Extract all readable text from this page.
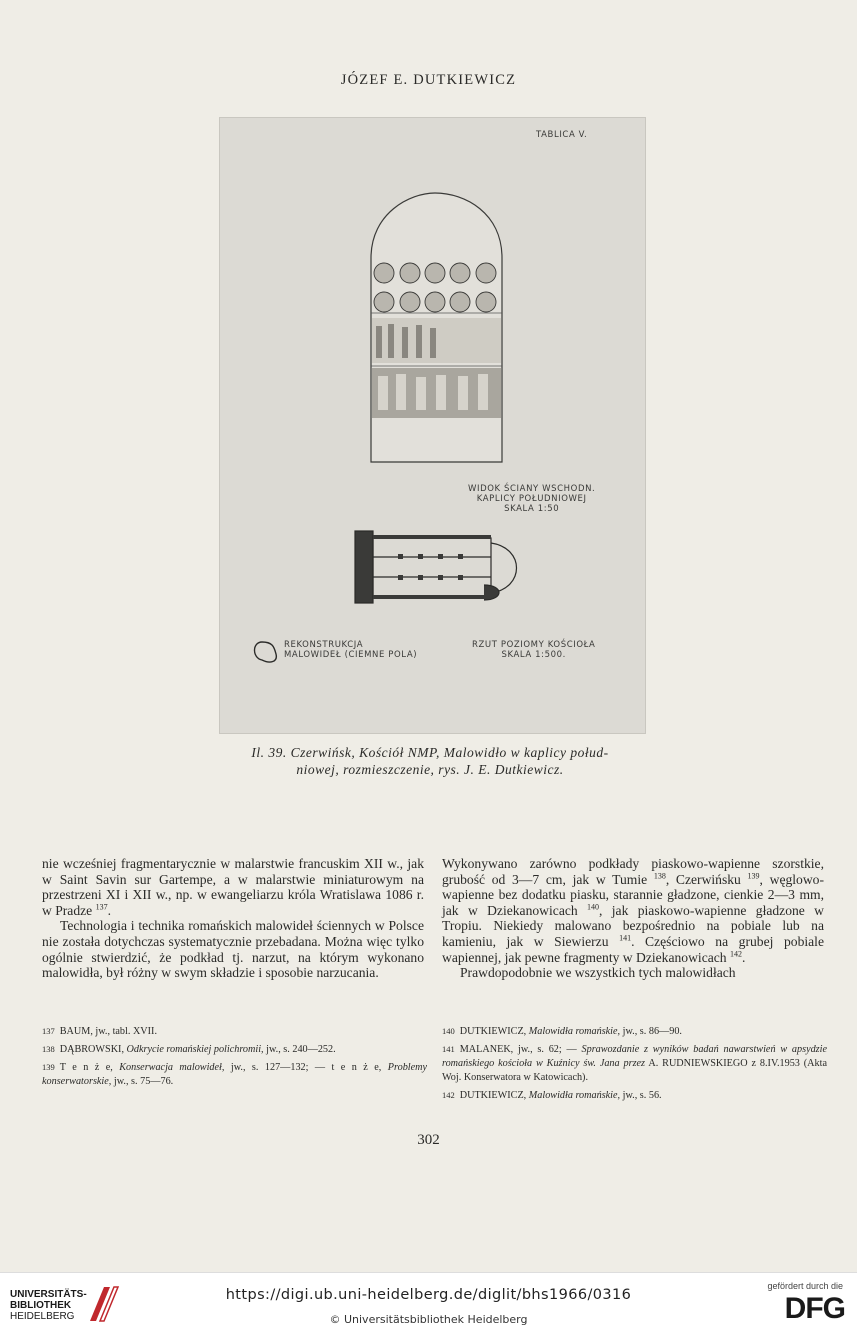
JÓZEF E. DUTKIEWICZ
TABLICA V.
WIDOK ŚCIANY WSCHODN.
KAPLICY POŁUDNIOWEJ
SKALA 1:50
REKONSTRUKCJA
MALOWIDEŁ (CIEMNE POLA)
RZUT POZIOMY KOŚCIOŁA
SKALA 1:500.
Il. 39. Czerwińsk, Kościół NMP, Malowidło w kaplicy połud-
niowej, rozmieszczenie, rys. J. E. Dutkiewicz.

nie wcześniej fragmentarycznie w malarstwie francuskim XII w., jak w Saint Savin sur Gartempe, a w malarstwie miniaturowym na przestrzeni XI i XII w., np. w ewangeliarzu króla Wratislawa 1086 r. w Pradze $^{137}$.

Technologia i technika romańskich malowideł ściennych w Polsce nie została dotychczas systematycznie przebadana. Można więc tylko ogólnie stwierdzić, że podkład tj. narzut, na którym wykonano malowidła, był różny w swym składzie i sposobie narzucania.

Wykonywano zarówno podkłady piaskowo-wapienne szorstkie, grubość od 3—7 cm, jak w Tumie $^{138}$, Czerwińsku $^{139}$, węglowo-wapienne bez dodatku piasku, starannie gładzone, cienkie 2—3 mm, jak w Dziekanowicach $^{140}$, jak piaskowo-wapienne gładzone w Tropiu. Niekiedy malowano bezpośrednio na pobiale lub na kamieniu, jak w Siewierzu $^{141}$. Częściowo na grubej pobiale wapiennej, jak pewne fragmenty w Dziekanowicach $^{142}$.

Prawdopodobnie we wszystkich tych malowidłach

137 BAUM, jw., tabl. XVII.

138 DĄBROWSKI, Odkrycie romańskiej polichromii, jw., s. 240—252.

139 T e n ż e, Konserwacja malowideł, jw., s. 127—132; — t e n ż e, Problemy konserwatorskie, jw., s. 75—76.

140 DUTKIEWICZ, Malowidła romańskie, jw., s. 86—90.

141 MALANEK, jw., s. 62; — Sprawozdanie z wyników badań nawarstwień w apsydzie romańskiego kościoła w Kuźnicy św. Jana przez A. RUDNIEWSKIEGO z 8.IV.1953 (Akta Woj. Konserwatora w Katowicach).

142 DUTKIEWICZ, Malowidła romańskie, jw., s. 56.

302
UNIVERSITÄTS-
BIBLIOTHEK
HEIDELBERG
https://digi.ub.uni-heidelberg.de/diglit/bhs1966/0316
© Universitätsbibliothek Heidelberg
gefördert durch die
DFG
